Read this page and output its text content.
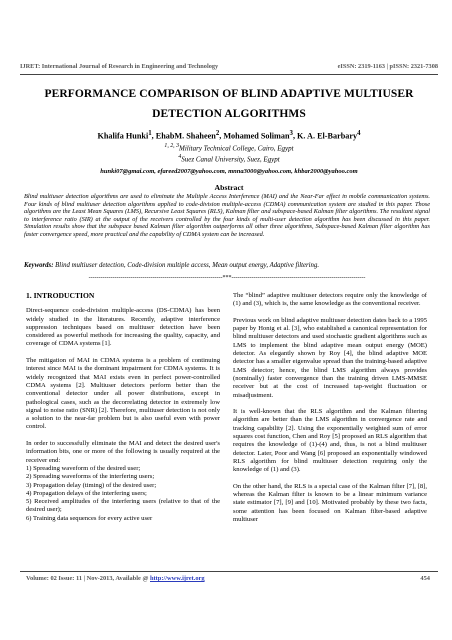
IJRET: International Journal of Research in Engineering and Technology	eISSN: 2319-1163 | pISSN: 2321-7308
PERFORMANCE COMPARISON OF BLIND ADAPTIVE MULTIUSER
DETECTION ALGORITHMS
Khalifa Hunki$^1$, EhabM. Shaheen$^2$, Mohamed Soliman$^3$, K. A. El-Barbary$^4$
$^{1, 2, 3}$Military Technical College, Cairo, Egypt
$^4$Suez Canal University, Suez, Egypt
hunki07@gmai.com, efareed2007@yahoo.com, mnna3000@yahoo.com, khbar2000@yahoo.com
Abstract
Blind multiuser detection algorithms are used to eliminate the Multiple Access Interference (MAI) and the Near-Far effect in mobile communication systems. Four kinds of blind multiuser detection algorithms applied to code-division multiple-access (CDMA) communication system are studied in this paper. Those algorithms are the Least Mean Squares (LMS), Recursive Least Squares (RLS), Kalman filter and subspace-based Kalman filter algorithms. The resultant signal to interference ratio (SIR) at the output of the receivers controlled by the four kinds of multi-user detection algorithm has been discussed in this paper. Simulation results show that the subspace based Kalman filter algorithm outperforms all other three algorithms, Subspace-based Kalman filter algorithm has faster convergence speed, more practical and the capability of CDMA system can be increased.
Keywords: Blind multiuser detection, Code-division multiple access, Mean output energy, Adaptive filtering.
-------------------------------------------------------------------***-------------------------------------------------------------------
1. INTRODUCTION

Direct-sequence code-division multiple-access (DS-CDMA) has been widely studied in the literatures. Recently, adaptive interference suppression techniques based on multiuser detection have been considered as powerful methods for increasing the quality, capacity, and coverage of CDMA systems [1].

The mitigation of MAI in CDMA systems is a problem of continuing interest since MAI is the dominant impairment for CDMA systems. It is widely recognized that MAI exists even in perfect power-controlled CDMA systems [2]. Multiuser detectors perform better than the conventional detector under all power distributions, except in pathological cases, such as the decorrelating detector in extremely low signal to noise ratio (SNR) [2]. Therefore, multiuser detection is not only a solution to the near-far problem but is also useful even with power control.

In order to successfully eliminate the MAI and detect the desired user's information bits, one or more of the following is usually required at the receiver end:

1) Spreading waveform of the desired user;
2) Spreading waveforms of the interfering users;
3) Propagation delay (timing) of the desired user;
4) Propagation delays of the interfering users;
5) Received amplitudes of the interfering users (relative to that of the desired user);
6) Training data sequences for every active user

The “blind” adaptive multiuser detectors require only the knowledge of (1) and (3), which is, the same knowledge as the conventional receiver.

Previous work on blind adaptive multiuser detection dates back to a 1995 paper by Honig et al. [3], who established a canonical representation for blind multiuser detectors and used stochastic gradient algorithms such as LMS to implement the blind adaptive mean output energy (MOE) detector. As elegantly shown by Roy [4], the blind adaptive MOE detector has a smaller eigenvalue spread than the training-based adaptive LMS detector; hence, the blind LMS algorithm always provides (nominally) faster convergence than the training driven LMS-MMSE receiver but at the cost of increased tap-weight fluctuation or misadjustment.

It is well-known that the RLS algorithm and the Kalman filtering algorithm are better than the LMS algorithm in convergence rate and tracking capability [2]. Using the exponentially weighted sum of error squares cost function, Chen and Roy [5] proposed an RLS algorithm that requires the knowledge of (1)-(4) and, thus, is not a blind multiuser detector. Later, Poor and Wang [6] proposed an exponentially windowed RLS algorithm for blind multiuser detection requiring only the knowledge of (1) and (3).

On the other hand, the RLS is a special case of the Kalman filter [7], [8], whereas the Kalman filter is known to be a linear minimum variance state estimator [7], [9] and [10]. Motivated probably by these two facts, some attention has been focused on Kalman filter-based adaptive multiuser

Volume: 02 Issue: 11 | Nov-2013, Available @ http://www.ijret.org	454
